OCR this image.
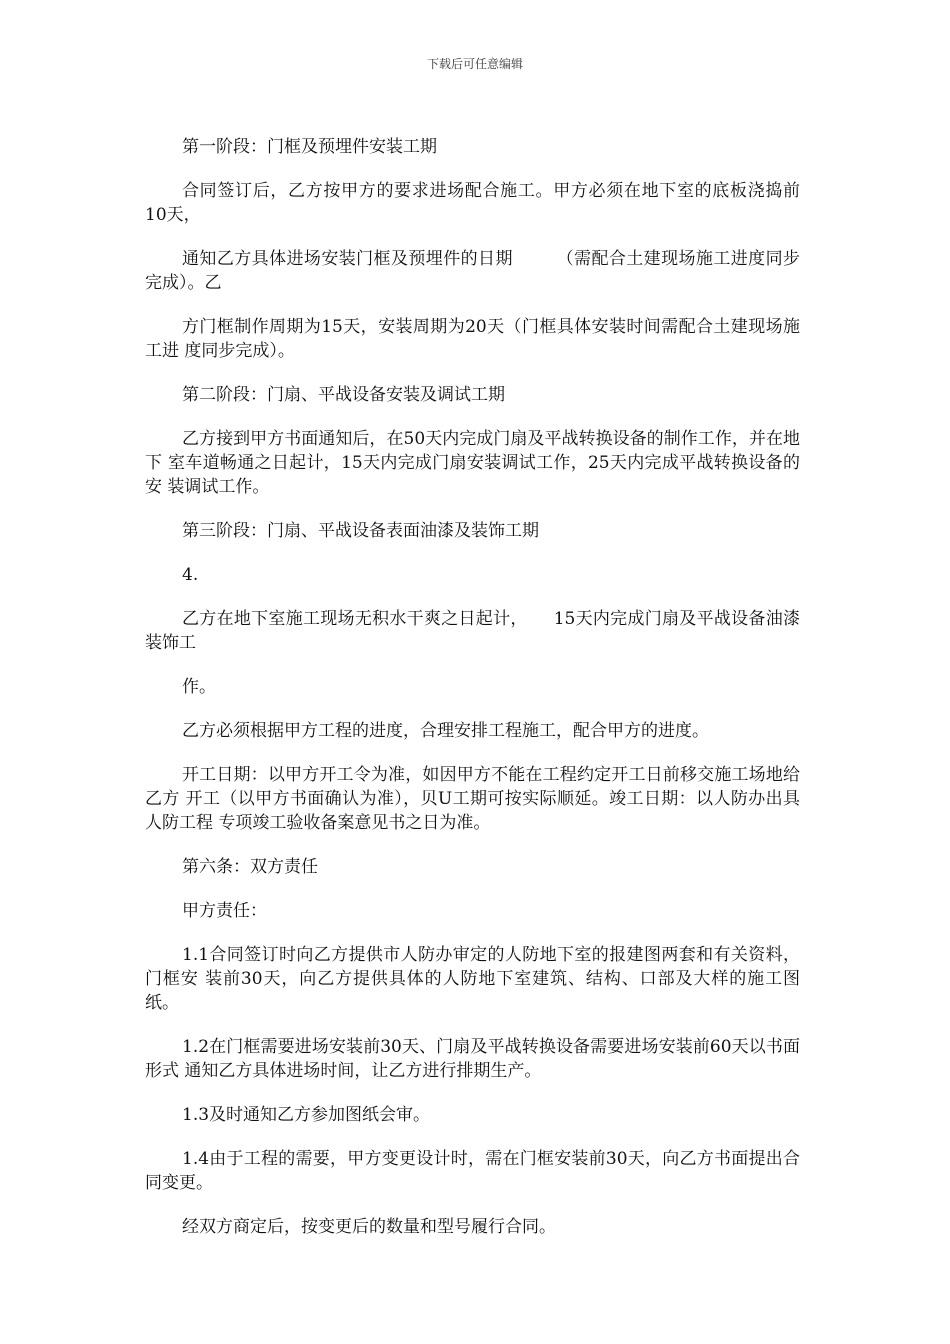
下载后可任意编辑

第一阶段：门框及预埋件安装工期

合同签订后，乙方按甲方的要求进场配合施工。甲方必须在地下室的底板浇捣前　　　10天，

通知乙方具体进场安装门框及预埋件的日期　　　（需配合土建现场施工进度同步完成）。乙

方门框制作周期为15天，安装周期为20天（门框具体安装时间需配合土建现场施工进 度同步完成）。

第二阶段：门扇、平战设备安装及调试工期

乙方接到甲方书面通知后，在50天内完成门扇及平战转换设备的制作工作，并在地下 室车道畅通之日起计，15天内完成门扇安装调试工作，25天内完成平战转换设备的安 装调试工作。

第三阶段：门扇、平战设备表面油漆及装饰工期

4.

乙方在地下室施工现场无积水干爽之日起计，　　15天内完成门扇及平战设备油漆装饰工

作。

乙方必须根据甲方工程的进度，合理安排工程施工，配合甲方的进度。

开工日期：以甲方开工令为准，如因甲方不能在工程约定开工日前移交施工场地给乙方 开工（以甲方书面确认为准），贝U工期可按实际顺延。竣工日期：以人防办出具人防工程 专项竣工验收备案意见书之日为准。

第六条：双方责任

甲方责任：

1.1合同签订时向乙方提供市人防办审定的人防地下室的报建图两套和有关资料，门框安 装前30天，向乙方提供具体的人防地下室建筑、结构、口部及大样的施工图纸。

1.2在门框需要进场安装前30天、门扇及平战转换设备需要进场安装前60天以书面形式 通知乙方具体进场时间，让乙方进行排期生产。

1.3及时通知乙方参加图纸会审。

1.4由于工程的需要，甲方变更设计时，需在门框安装前30天，向乙方书面提出合同变更。

经双方商定后，按变更后的数量和型号履行合同。
